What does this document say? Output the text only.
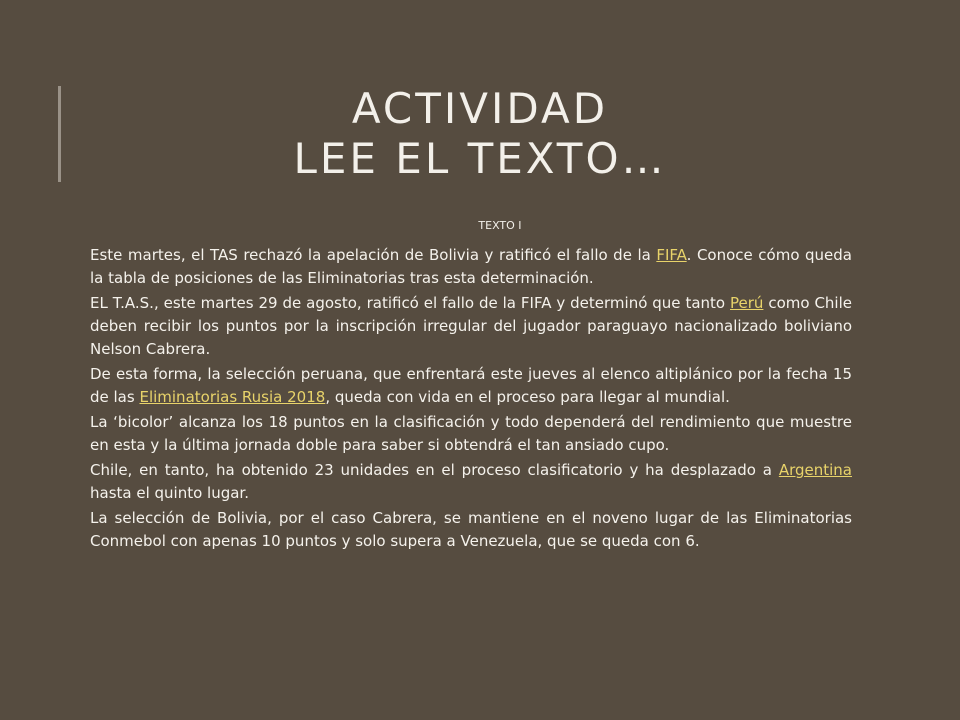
ACTIVIDAD
LEE EL TEXTO…
TEXTO I

Este martes, el TAS rechazó la apelación de Bolivia y ratificó el fallo de la FIFA. Conoce cómo queda la tabla de posiciones de las Eliminatorias tras esta determinación.

EL T.A.S., este martes 29 de agosto, ratificó el fallo de la FIFA y determinó que tanto Perú como Chile deben recibir los puntos por la inscripción irregular del jugador paraguayo nacionalizado boliviano Nelson Cabrera.

De esta forma, la selección peruana, que enfrentará este jueves al elenco altiplánico por la fecha 15 de las Eliminatorias Rusia 2018, queda con vida en el proceso para llegar al mundial.

La ‘bicolor’ alcanza los 18 puntos en la clasificación y todo dependerá del rendimiento que muestre en esta y la última jornada doble para saber si obtendrá el tan ansiado cupo.

Chile, en tanto, ha obtenido 23 unidades en el proceso clasificatorio y ha desplazado a Argentina hasta el quinto lugar.

La selección de Bolivia, por el caso Cabrera, se mantiene en el noveno lugar de las Eliminatorias Conmebol con apenas 10 puntos y solo supera a Venezuela, que se queda con 6.
